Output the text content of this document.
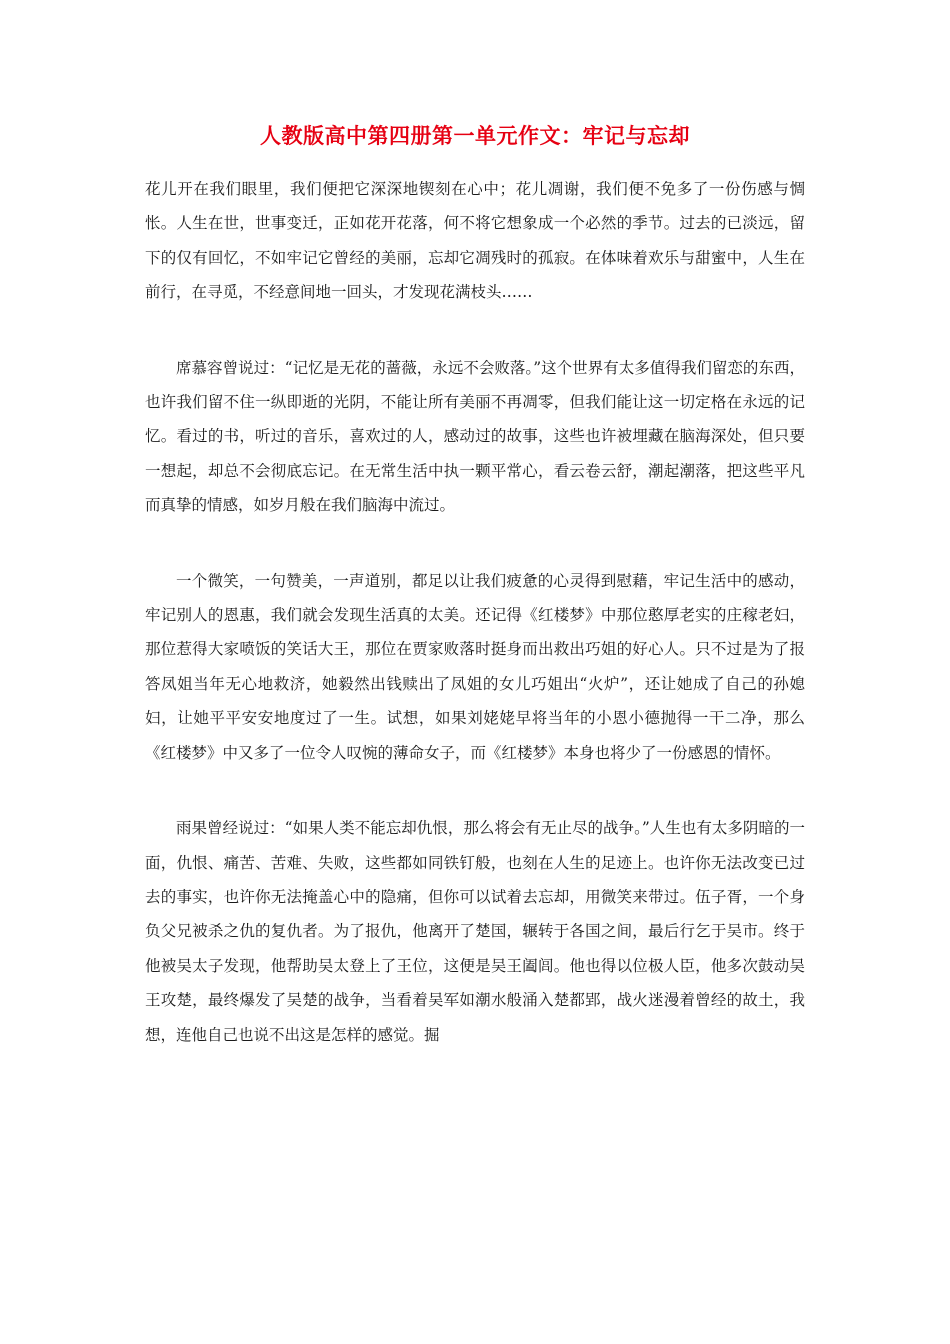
人教版高中第四册第一单元作文：牢记与忘却

花儿开在我们眼里，我们便把它深深地锲刻在心中；花儿凋谢，我们便不免多了一份伤感与惆怅。人生在世，世事变迁，正如花开花落，何不将它想象成一个必然的季节。过去的已淡远，留下的仅有回忆，不如牢记它曾经的美丽，忘却它凋残时的孤寂。在体味着欢乐与甜蜜中，人生在前行，在寻觅，不经意间地一回头，才发现花满枝头……

席慕容曾说过：“记忆是无花的蔷薇，永远不会败落。”这个世界有太多值得我们留恋的东西，也许我们留不住一纵即逝的光阴，不能让所有美丽不再凋零，但我们能让这一切定格在永远的记忆。看过的书，听过的音乐，喜欢过的人，感动过的故事，这些也许被埋藏在脑海深处，但只要一想起，却总不会彻底忘记。在无常生活中执一颗平常心，看云卷云舒，潮起潮落，把这些平凡而真挚的情感，如岁月般在我们脑海中流过。

一个微笑，一句赞美，一声道别，都足以让我们疲惫的心灵得到慰藉，牢记生活中的感动，牢记别人的恩惠，我们就会发现生活真的太美。还记得《红楼梦》中那位憨厚老实的庄稼老妇，那位惹得大家喷饭的笑话大王，那位在贾家败落时挺身而出救出巧姐的好心人。只不过是为了报答凤姐当年无心地救济，她毅然出钱赎出了凤姐的女儿巧姐出“火炉”，还让她成了自己的孙媳妇，让她平平安安地度过了一生。试想，如果刘姥姥早将当年的小恩小德抛得一干二净，那么《红楼梦》中又多了一位令人叹惋的薄命女子，而《红楼梦》本身也将少了一份感恩的情怀。

雨果曾经说过：“如果人类不能忘却仇恨，那么将会有无止尽的战争。”人生也有太多阴暗的一面，仇恨、痛苦、苦难、失败，这些都如同铁钉般，也刻在人生的足迹上。也许你无法改变已过去的事实，也许你无法掩盖心中的隐痛，但你可以试着去忘却，用微笑来带过。伍子胥，一个身负父兄被杀之仇的复仇者。为了报仇，他离开了楚国，辗转于各国之间，最后行乞于吴市。终于他被吴太子发现，他帮助吴太登上了王位，这便是吴王阖闾。他也得以位极人臣，他多次鼓动吴王攻楚，最终爆发了吴楚的战争，当看着吴军如潮水般涌入楚都郢，战火迷漫着曾经的故土，我想，连他自己也说不出这是怎样的感觉。掘
